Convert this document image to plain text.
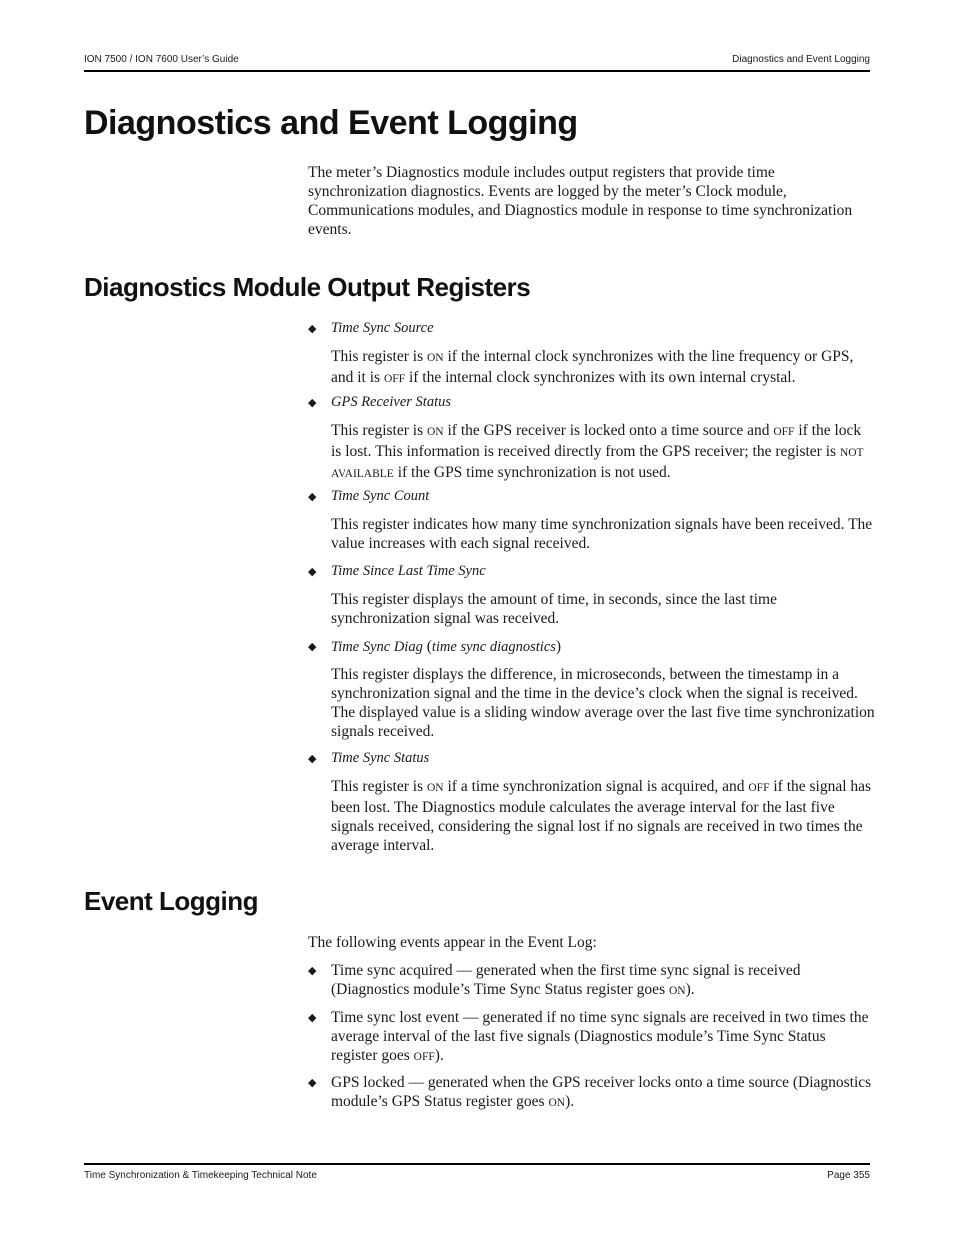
ION 7500 / ION 7600 User’s Guide	Diagnostics and Event Logging
Diagnostics and Event Logging

The meter’s Diagnostics module includes output registers that provide time synchronization diagnostics. Events are logged by the meter’s Clock module, Communications modules, and Diagnostics module in response to time synchronization events.

Diagnostics Module Output Registers
◆ Time Sync Source

This register is ON if the internal clock synchronizes with the line frequency or GPS, and it is OFF if the internal clock synchronizes with its own internal crystal.

◆ GPS Receiver Status

This register is ON if the GPS receiver is locked onto a time source and OFF if the lock is lost. This information is received directly from the GPS receiver; the register is NOT AVAILABLE if the GPS time synchronization is not used.

◆ Time Sync Count

This register indicates how many time synchronization signals have been received. The value increases with each signal received.

◆ Time Since Last Time Sync

This register displays the amount of time, in seconds, since the last time synchronization signal was received.

◆ Time Sync Diag (time sync diagnostics)

This register displays the difference, in microseconds, between the timestamp in a synchronization signal and the time in the device’s clock when the signal is received. The displayed value is a sliding window average over the last five time synchronization signals received.

◆ Time Sync Status

This register is ON if a time synchronization signal is acquired, and OFF if the signal has been lost. The Diagnostics module calculates the average interval for the last five signals received, considering the signal lost if no signals are received in two times the average interval.

Event Logging

The following events appear in the Event Log:

◆ Time sync acquired — generated when the first time sync signal is received (Diagnostics module’s Time Sync Status register goes ON).
◆ Time sync lost event — generated if no time sync signals are received in two times the average interval of the last five signals (Diagnostics module’s Time Sync Status register goes OFF).
◆ GPS locked — generated when the GPS receiver locks onto a time source (Diagnostics module’s GPS Status register goes ON).
Time Synchronization & Timekeeping Technical Note	Page 355
